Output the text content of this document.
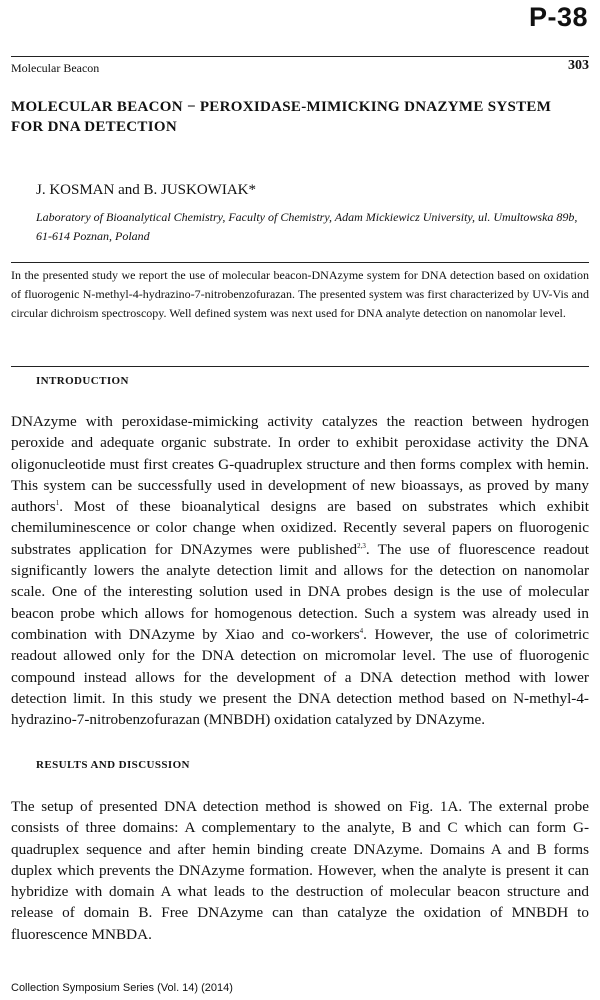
P-38
Molecular Beacon	303
MOLECULAR BEACON − PEROXIDASE-MIMICKING DNAZYME SYSTEM
FOR DNA DETECTION
J. KOSMAN and B. JUSKOWIAK*
Laboratory of Bioanalytical Chemistry, Faculty of Chemistry, Adam Mickiewicz University, ul. Umultowska 89b, 61-614 Poznan, Poland
In the presented study we report the use of molecular beacon-DNAzyme system for DNA detection based on oxidation of fluorogenic N-methyl-4-hydrazino-7-nitrobenzofurazan. The presented system was first characterized by UV-Vis and circular dichroism spectroscopy. Well defined system was next used for DNA analyte detection on nanomolar level.
INTRODUCTION
DNAzyme with peroxidase-mimicking activity catalyzes the reaction between hydrogen peroxide and adequate organic substrate. In order to exhibit peroxidase activity the DNA oligonucleotide must first creates G-quadruplex structure and then forms complex with hemin. This system can be successfully used in development of new bioassays, as proved by many authors$^1$. Most of these bioanalytical designs are based on substrates which exhibit chemiluminescence or color change when oxidized. Recently several papers on fluorogenic substrates application for DNAzymes were published$^{2,3}$. The use of fluorescence readout significantly lowers the analyte detection limit and allows for the detection on nanomolar scale. One of the interesting solution used in DNA probes design is the use of molecular beacon probe which allows for homogenous detection. Such a system was already used in combination with DNAzyme by Xiao and co-workers$^4$. However, the use of colorimetric readout allowed only for the DNA detection on micromolar level. The use of fluorogenic compound instead allows for the development of a DNA detection method with lower detection limit. In this study we present the DNA detection method based on N-methyl-4-hydrazino-7-nitrobenzofurazan (MNBDH) oxidation catalyzed by DNAzyme.
RESULTS AND DISCUSSION
The setup of presented DNA detection method is showed on Fig. 1A. The external probe consists of three domains: A complementary to the analyte, B and C which can form G-quadruplex sequence and after hemin binding create DNAzyme. Domains A and B forms duplex which prevents the DNAzyme formation. However, when the analyte is present it can hybridize with domain A what leads to the destruction of molecular beacon structure and release of domain B. Free DNAzyme can than catalyze the oxidation of MNBDH to fluorescence MNBDA.
Collection Symposium Series (Vol. 14) (2014)
